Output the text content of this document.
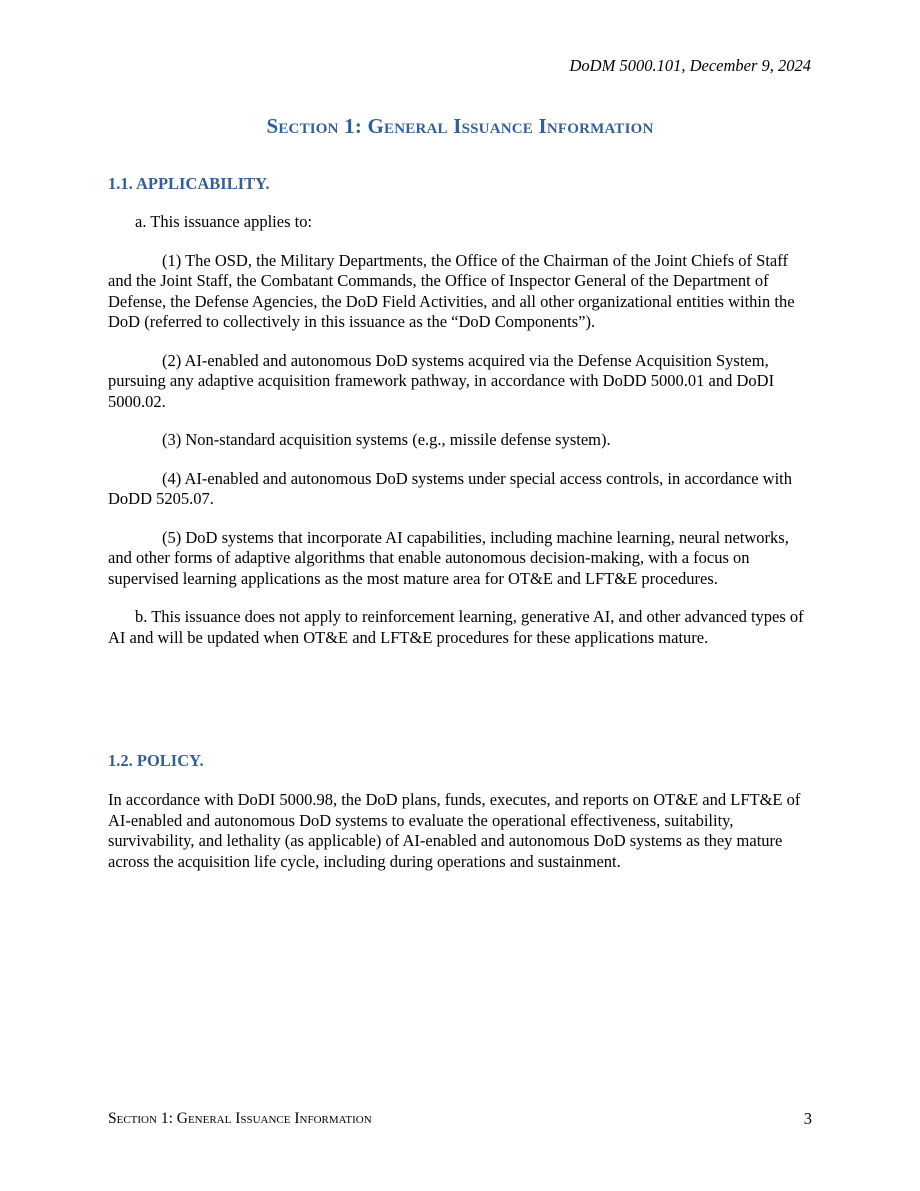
DoDM 5000.101, December 9, 2024
Section 1: General Issuance Information
1.1. APPLICABILITY.

a. This issuance applies to:

(1) The OSD, the Military Departments, the Office of the Chairman of the Joint Chiefs of Staff and the Joint Staff, the Combatant Commands, the Office of Inspector General of the Department of Defense, the Defense Agencies, the DoD Field Activities, and all other organizational entities within the DoD (referred to collectively in this issuance as the “DoD Components”).

(2) AI-enabled and autonomous DoD systems acquired via the Defense Acquisition System, pursuing any adaptive acquisition framework pathway, in accordance with DoDD 5000.01 and DoDI 5000.02.

(3) Non-standard acquisition systems (e.g., missile defense system).

(4) AI-enabled and autonomous DoD systems under special access controls, in accordance with DoDD 5205.07.

(5) DoD systems that incorporate AI capabilities, including machine learning, neural networks, and other forms of adaptive algorithms that enable autonomous decision-making, with a focus on supervised learning applications as the most mature area for OT&E and LFT&E procedures.

b. This issuance does not apply to reinforcement learning, generative AI, and other advanced types of AI and will be updated when OT&E and LFT&E procedures for these applications mature.

1.2. POLICY.

In accordance with DoDI 5000.98, the DoD plans, funds, executes, and reports on OT&E and LFT&E of AI-enabled and autonomous DoD systems to evaluate the operational effectiveness, suitability, survivability, and lethality (as applicable) of AI-enabled and autonomous DoD systems as they mature across the acquisition life cycle, including during operations and sustainment.

Section 1: General Issuance Information	3
